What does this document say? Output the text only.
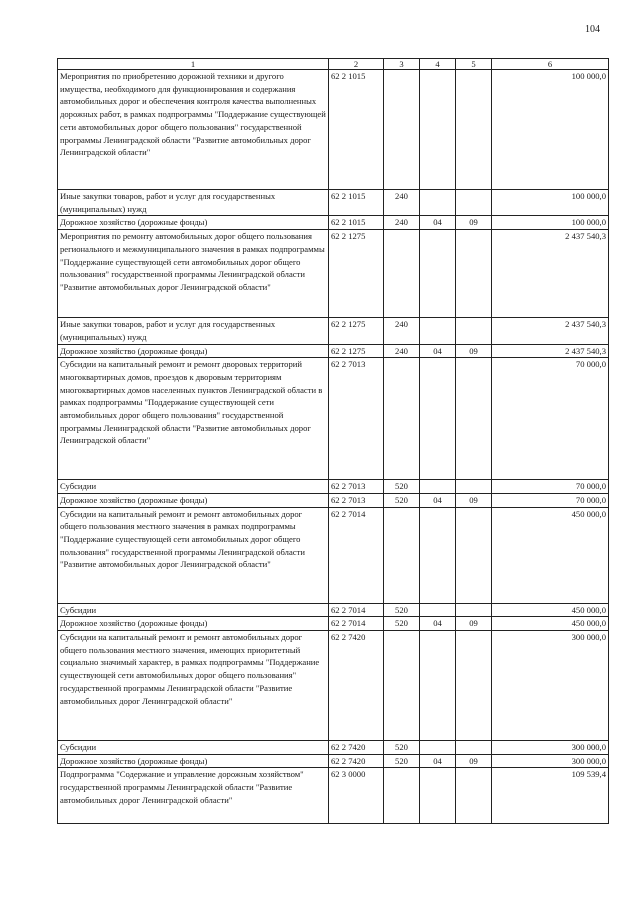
104
1	2	3	4	5	6
Мероприятия по приобретению дорожной техники и другого имущества, необходимого для функционирования и содержания автомобильных дорог и обеспечения контроля качества выполненных дорожных работ, в рамках подпрограммы "Поддержание существующей сети автомобильных дорог общего пользования" государственной программы Ленинградской области "Развитие автомобильных дорог Ленинградской области"	62 2 1015				100 000,0
Иные закупки товаров, работ и услуг для государственных (муниципальных) нужд	62 2 1015	240			100 000,0
Дорожное хозяйство (дорожные фонды)	62 2 1015	240	04	09	100 000,0
Мероприятия по ремонту автомобильных дорог общего пользования регионального и межмуниципального значения в рамках подпрограммы "Поддержание существующей сети автомобильных дорог общего пользования" государственной программы Ленинградской области "Развитие автомобильных дорог Ленинградской области"	62 2 1275				2 437 540,3
Иные закупки товаров, работ и услуг для государственных (муниципальных) нужд	62 2 1275	240			2 437 540,3
Дорожное хозяйство (дорожные фонды)	62 2 1275	240	04	09	2 437 540,3
Субсидии на капитальный ремонт и ремонт дворовых территорий многоквартирных домов, проездов к дворовым территориям многоквартирных домов населенных пунктов Ленинградской области в рамках подпрограммы "Поддержание существующей сети автомобильных дорог общего пользования" государственной программы Ленинградской области "Развитие автомобильных дорог Ленинградской области"	62 2 7013				70 000,0
Субсидии	62 2 7013	520			70 000,0
Дорожное хозяйство (дорожные фонды)	62 2 7013	520	04	09	70 000,0
Субсидии на капитальный ремонт и ремонт автомобильных дорог общего пользования местного значения в рамках подпрограммы "Поддержание существующей сети автомобильных дорог общего пользования" государственной программы Ленинградской области "Развитие автомобильных дорог Ленинградской области"	62 2 7014				450 000,0
Субсидии	62 2 7014	520			450 000,0
Дорожное хозяйство (дорожные фонды)	62 2 7014	520	04	09	450 000,0
Субсидии на капитальный ремонт и ремонт автомобильных дорог общего пользования местного значения, имеющих приоритетный социально значимый характер, в рамках подпрограммы "Поддержание существующей сети автомобильных дорог общего пользования" государственной программы Ленинградской области "Развитие автомобильных дорог Ленинградской области"	62 2 7420				300 000,0
Субсидии	62 2 7420	520			300 000,0
Дорожное хозяйство (дорожные фонды)	62 2 7420	520	04	09	300 000,0
Подпрограмма "Содержание и управление дорожным хозяйством" государственной программы Ленинградской области "Развитие автомобильных дорог Ленинградской области"	62 3 0000				109 539,4
